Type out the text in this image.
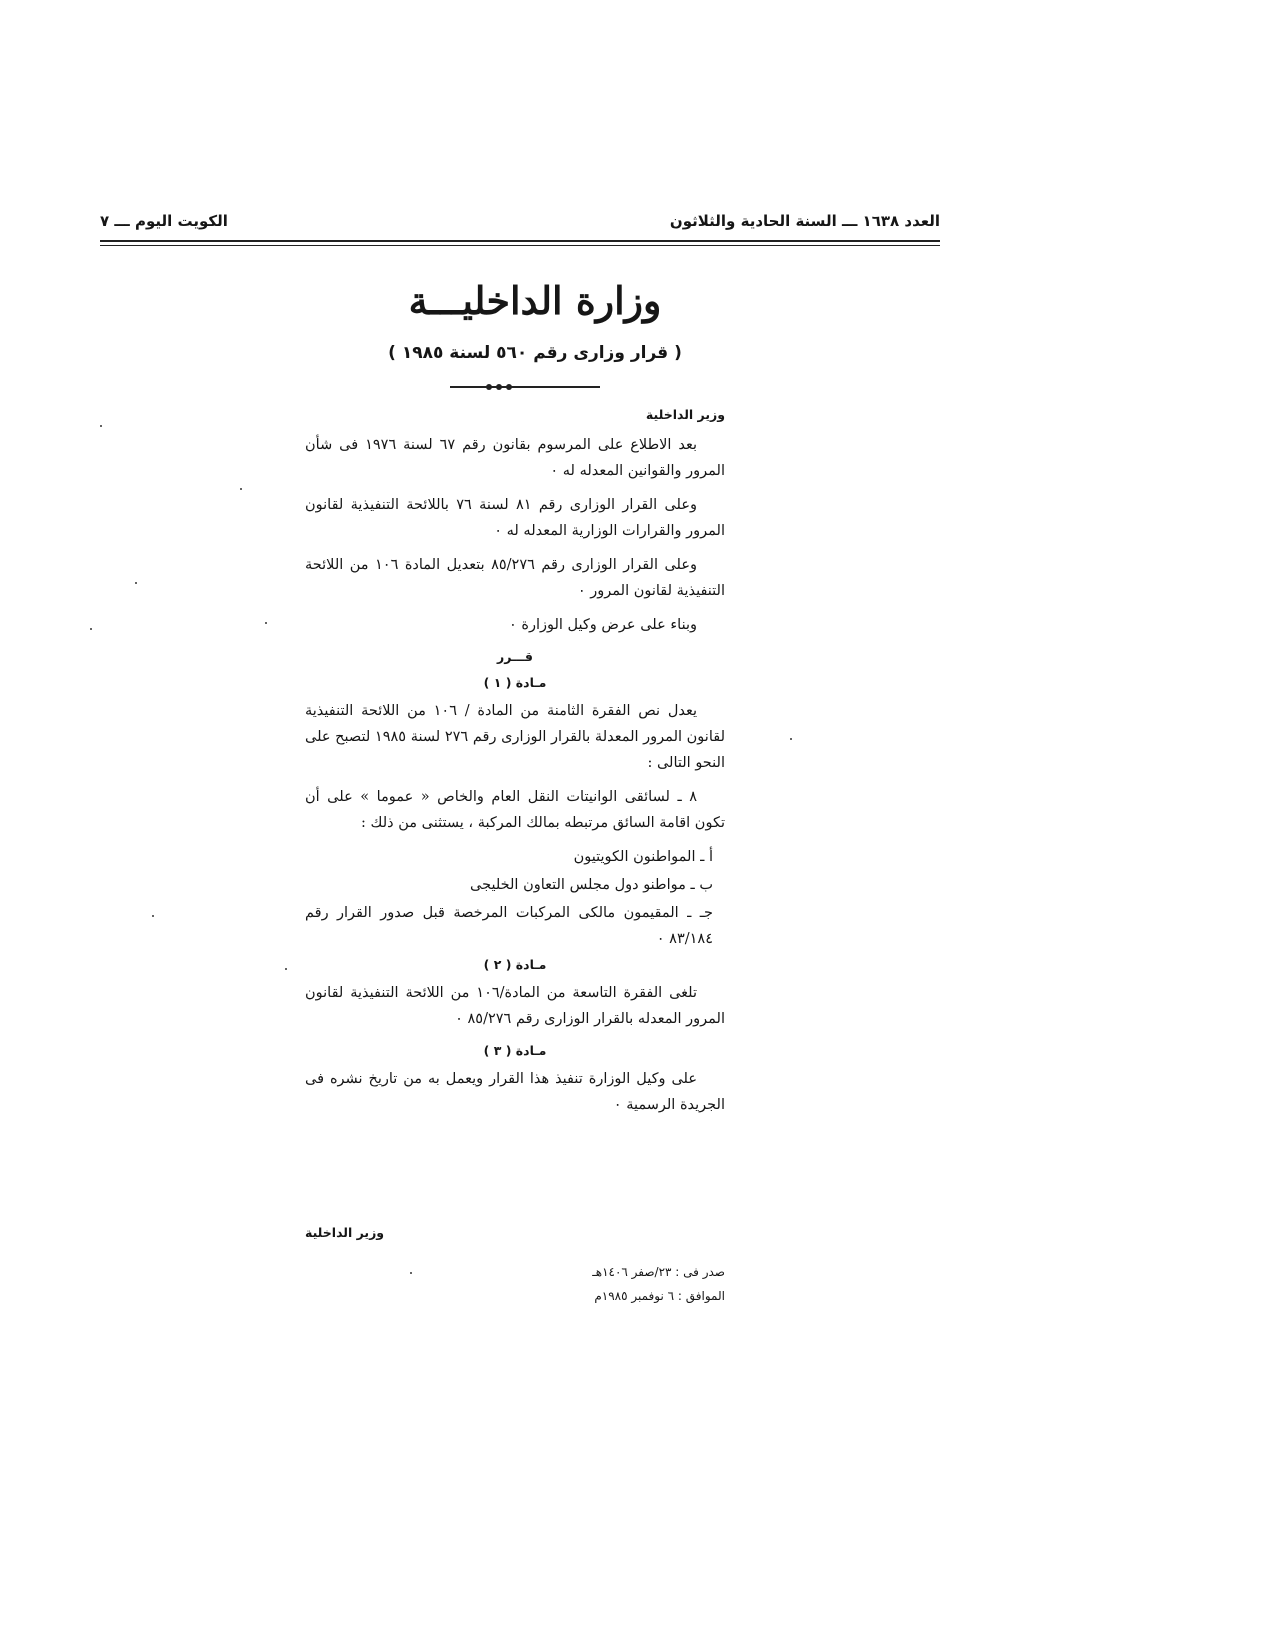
العدد ١٦٣٨ ـــ السنة الحادية والثلاثون
الكويت اليوم ـــ ٧
وزارة الداخليـــة
( قرار وزارى رقم ٥٦٠ لسنة ١٩٨٥ )

وزير الداخلية

بعد الاطلاع على المرسوم بقانون رقم ٦٧ لسنة ١٩٧٦ فى شأن المرور والقوانين المعدله له ٠

وعلى القرار الوزارى رقم ٨١ لسنة ٧٦ باللائحة التنفيذية لقانون المرور والقرارات الوزارية المعدله له ٠

وعلى القرار الوزارى رقم ٨٥/٢٧٦ بتعديل المادة ١٠٦ من اللائحة التنفيذية لقانون المرور ٠

وبناء على عرض وكيل الوزارة ٠

قـــرر

مـادة ( ١ )

يعدل نص الفقرة الثامنة من المادة / ١٠٦ من اللائحة التنفيذية لقانون المرور المعدلة بالقرار الوزارى رقم ٢٧٦ لسنة ١٩٨٥ لتصبح على النحو التالى :

٨ ـ لسائقى الوانيتات النقل العام والخاص « عموما » على أن تكون اقامة السائق مرتبطه بمالك المركبة ، يستثنى من ذلك :

أ ـ المواطنون الكويتيون

ب ـ مواطنو دول مجلس التعاون الخليجى

جـ ـ المقيمون مالكى المركبات المرخصة قبل صدور القرار رقم ٨٣/١٨٤ ٠

مـادة ( ٢ )

تلغى الفقرة التاسعة من المادة/١٠٦ من اللائحة التنفيذية لقانون المرور المعدله بالقرار الوزارى رقم ٨٥/٢٧٦ ٠

مـادة ( ٣ )

على وكيل الوزارة تنفيذ هذا القرار ويعمل به من تاريخ نشره فى الجريدة الرسمية ٠

وزير الداخلية
صدر فى : ٢٣/صفر ١٤٠٦هـ
الموافق : ٦ نوفمبر ١٩٨٥م
